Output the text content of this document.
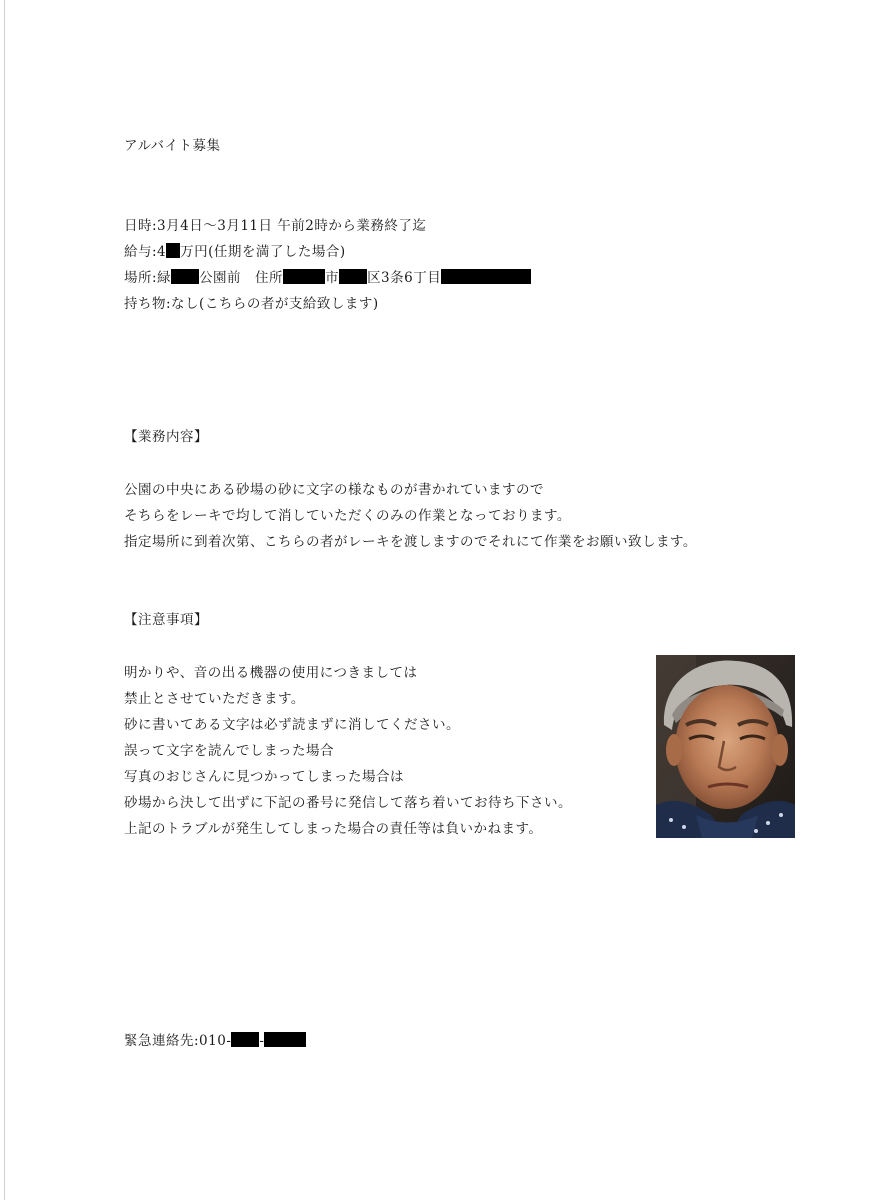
アルバイト募集
日時:3月4日〜3月11日 午前2時から業務終了迄
給与:4 万円(任期を満了した場合)
場所:緑 公園前　住所	市 区3条6丁目
持ち物:なし(こちらの者が支給致します)
【業務内容】
公園の中央にある砂場の砂に文字の様なものが書かれていますので
そちらをレーキで均して消していただくのみの作業となっております。
指定場所に到着次第、こちらの者がレーキを渡しますのでそれにて作業をお願い致します。
【注意事項】
明かりや、音の出る機器の使用につきましては
禁止とさせていただきます。
砂に書いてある文字は必ず読まずに消してください。
誤って文字を読んでしまった場合
写真のおじさんに見つかってしまった場合は
砂場から決して出ずに下記の番号に発信して落ち着いてお待ち下さい。
上記のトラブルが発生してしまった場合の責任等は負いかねます。
緊急連絡先:010- -
